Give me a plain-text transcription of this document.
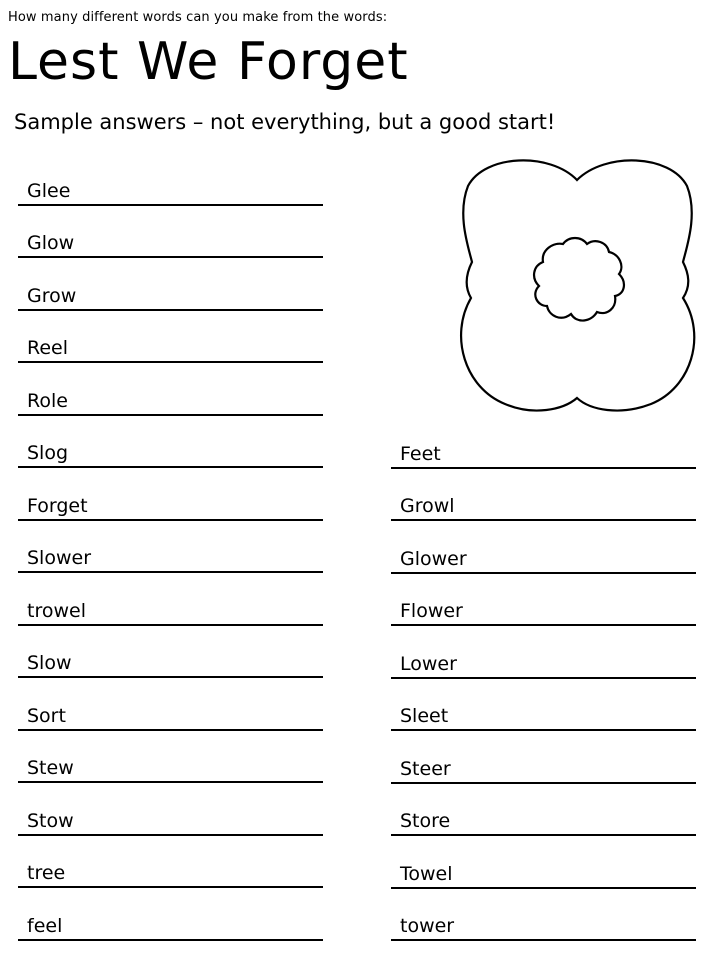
How many different words can you make from the words:
Lest We Forget
Sample answers – not everything, but a good start!
Glee
Glow
Grow
Reel
Role
Slog
Forget
Slower
trowel
Slow
Sort
Stew
Stow
tree
feel
Feet
Growl
Glower
Flower
Lower
Sleet
Steer
Store
Towel
tower
